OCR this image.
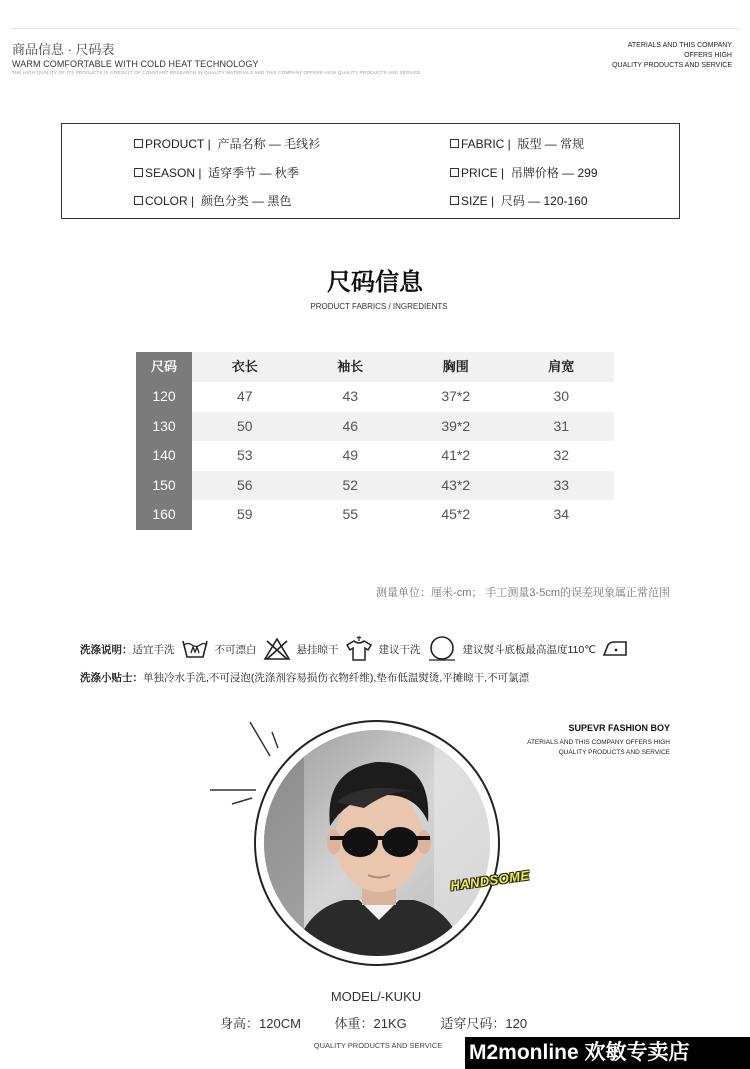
商品信息 · 尺码表
WARM COMFORTABLE WITH COLD HEAT TECHNOLOGY
THE HIGH QUALITY OF ITS PRODUCTS IS A RESULT OF CONSTANT RESEARCH IN QUALITY MATERIALS AND THIS COMPANY OFFERS HIGH QUALITY PRODUCTS AND SERVICE
ATERIALS AND THIS COMPANY
OFFERS HIGH
QUALITY PRODUCTS AND SERVICE
PRODUCT | 产品名称 — 毛线衫	FABRIC | 版型 — 常规
SEASON | 适穿季节 — 秋季	PRICE | 吊牌价格 — 299
COLOR | 颜色分类 — 黑色	SIZE | 尺码 — 120-160
尺码信息
PRODUCT FABRICS / INGREDIENTS
尺码	衣长	袖长	胸围	肩宽
120	47	43	37*2	30
130	50	46	39*2	31
140	53	49	41*2	32
150	56	52	43*2	33
160	59	55	45*2	34
测量单位：厘米-cm； 手工测量3-5cm的误差现象属正常范围
洗涤说明： 适宜手洗	不可漂白	悬挂晾干	建议干洗	建议熨斗底板最高温度110℃
洗涤小贴士：单独冷水手洗,不可浸泡(洗涤剂容易损伤衣物纤维),垫布低温熨烫,平摊晾干,不可氯漂
SUPEVR FASHION BOY
ATERIALS AND THIS COMPANY OFFERS HIGH
QUALITY PRODUCTS AND SERVICE
HANDSOME
MODEL/-KUKU
身高：120CM	体重：21KG	适穿尺码：120
QUALITY PRODUCTS AND SERVICE	M2monline 欢敏专卖店
